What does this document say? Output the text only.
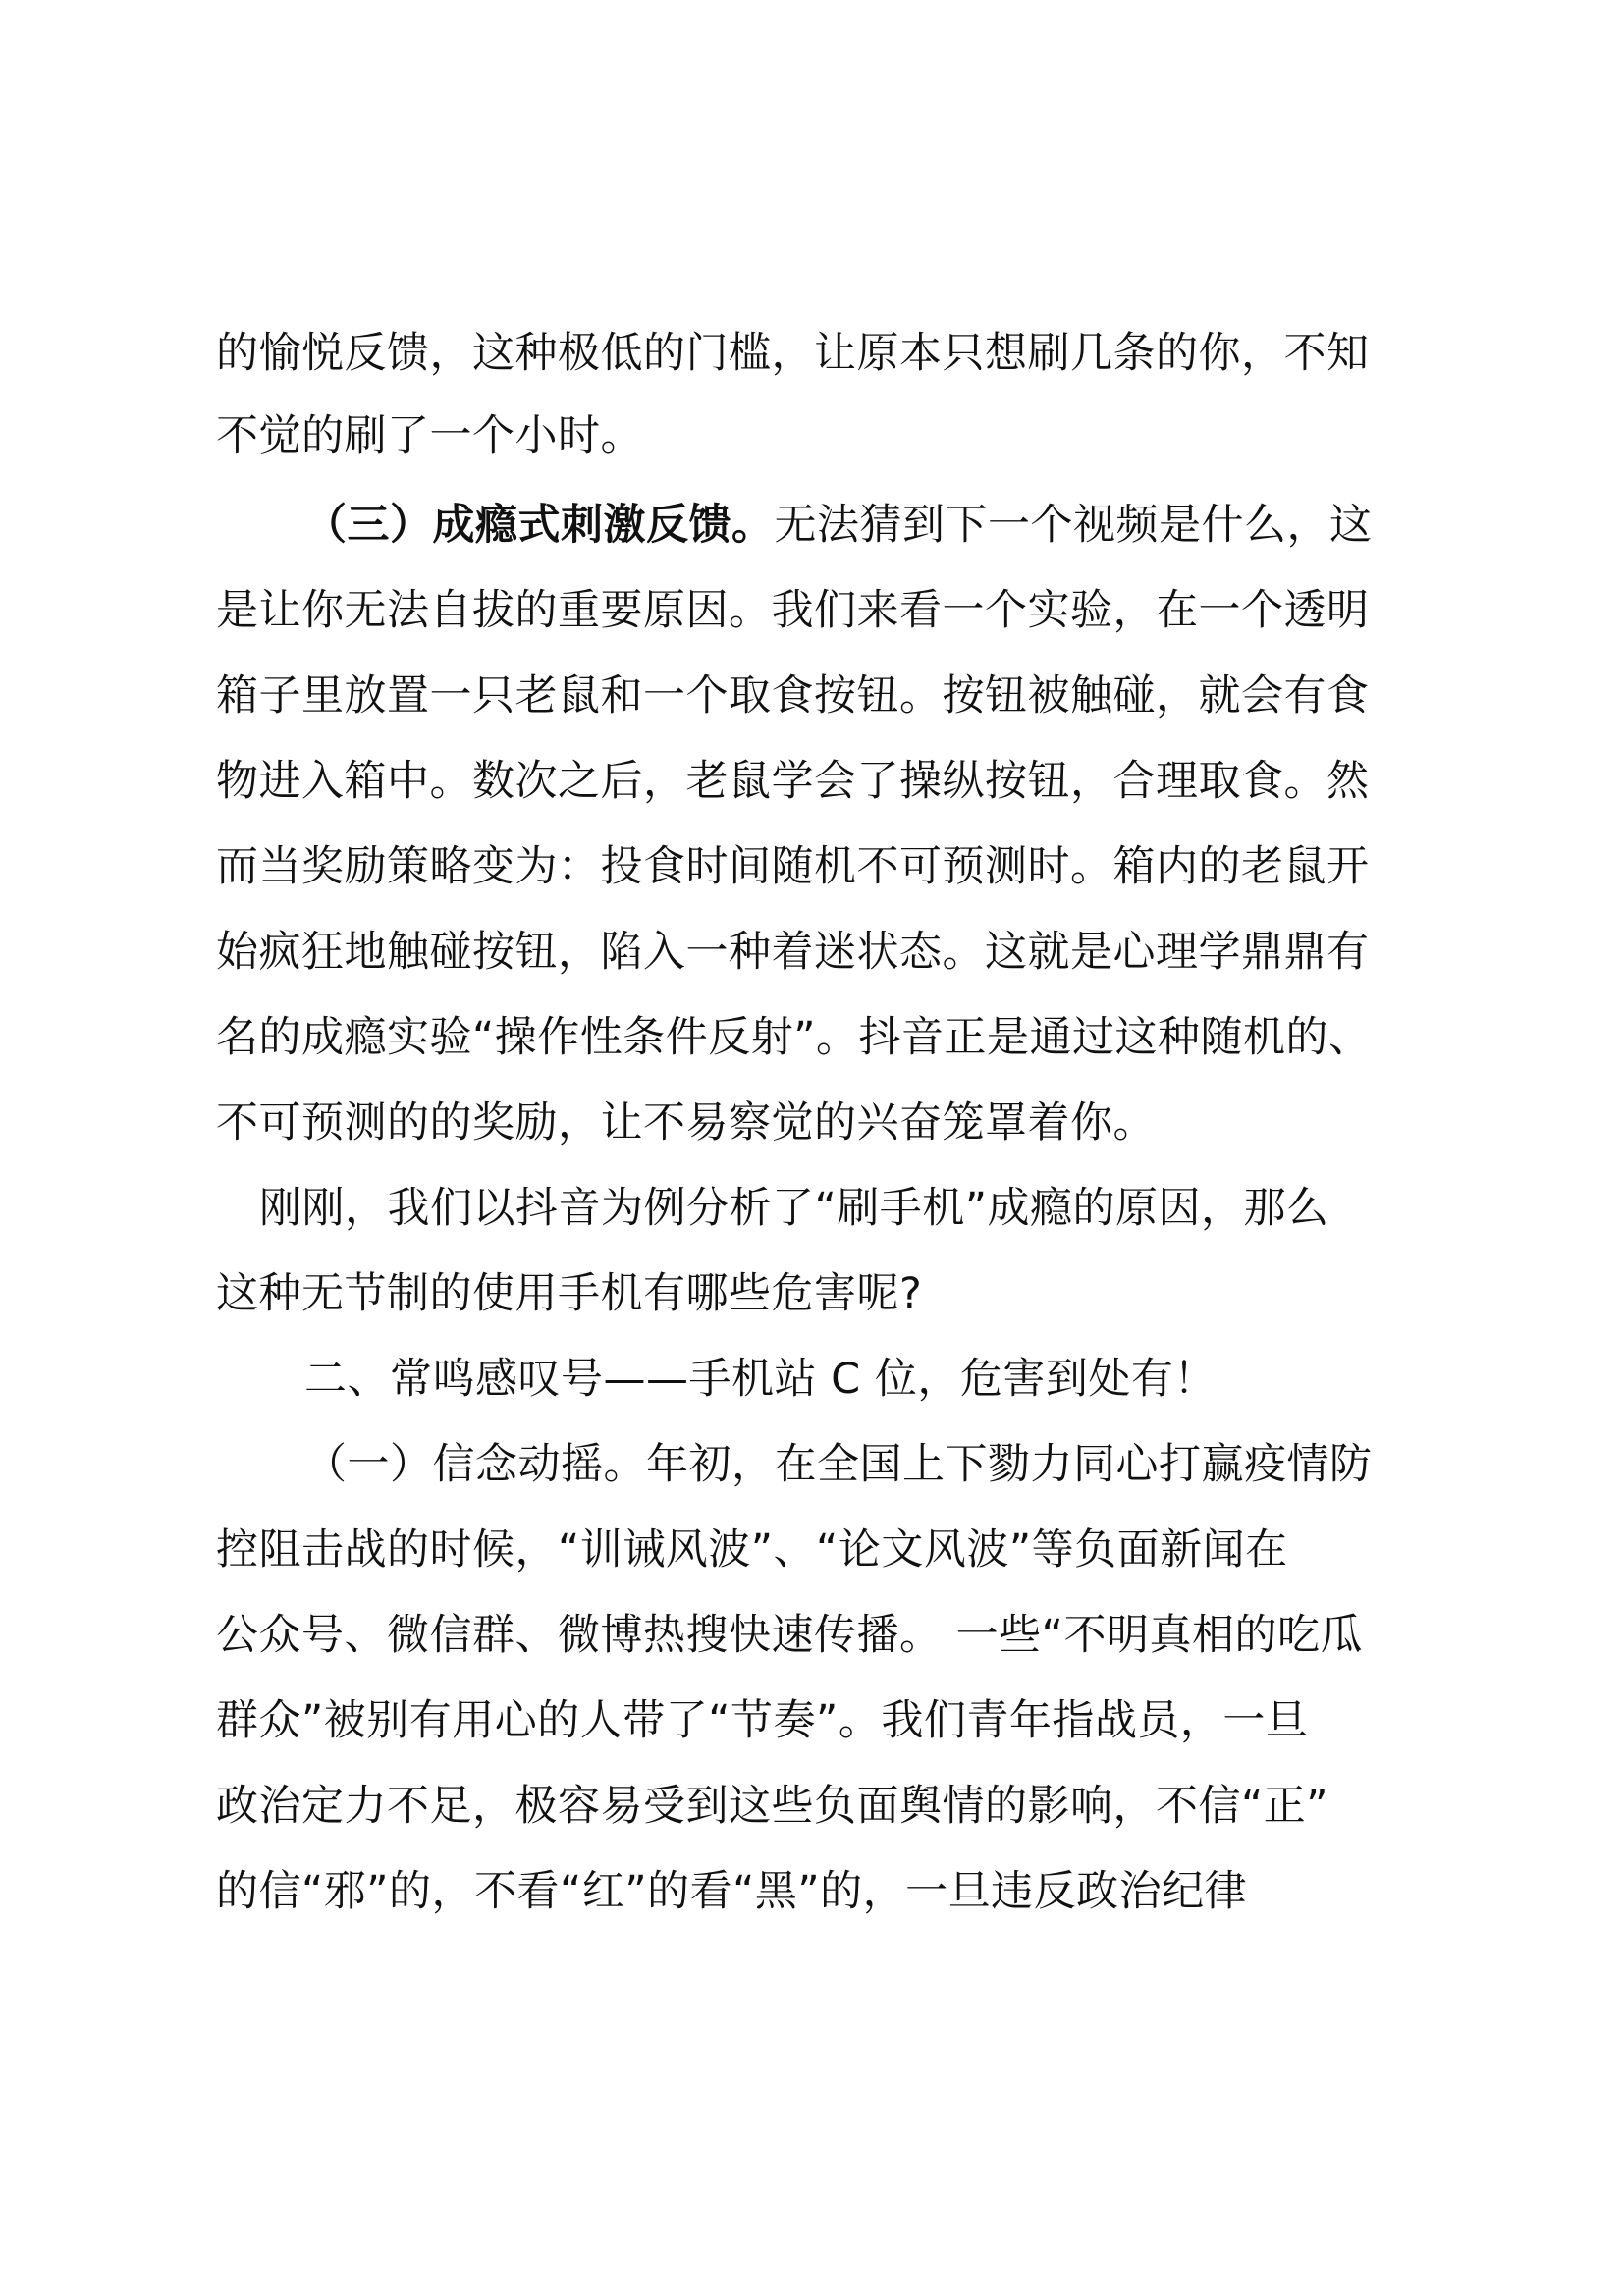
的愉悦反馈，这种极低的门槛，让原本只想刷几条的你，不知
不觉的刷了一个小时。
（三）成瘾式刺激反馈。无法猜到下一个视频是什么，这
是让你无法自拔的重要原因。我们来看一个实验，在一个透明
箱子里放置一只老鼠和一个取食按钮。按钮被触碰，就会有食
物进入箱中。数次之后，老鼠学会了操纵按钮，合理取食。然
而当奖励策略变为：投食时间随机不可预测时。箱内的老鼠开
始疯狂地触碰按钮，陷入一种着迷状态。这就是心理学鼎鼎有
名的成瘾实验“操作性条件反射”。抖音正是通过这种随机的、
不可预测的的奖励，让不易察觉的兴奋笼罩着你。
刚刚，我们以抖音为例分析了“刷手机”成瘾的原因，那么
这种无节制的使用手机有哪些危害呢?
二、常鸣感叹号——手机站 C 位，危害到处有！
（一）信念动摇。年初，在全国上下勠力同心打赢疫情防
控阻击战的时候，“训诫风波”、“论文风波”等负面新闻在
公众号、微信群、微博热搜快速传播。 一些“不明真相的吃瓜
群众”被别有用心的人带了“节奏”。我们青年指战员，一旦
政治定力不足，极容易受到这些负面舆情的影响，不信“正”
的信“邪”的，不看“红”的看“黑”的，一旦违反政治纪律
